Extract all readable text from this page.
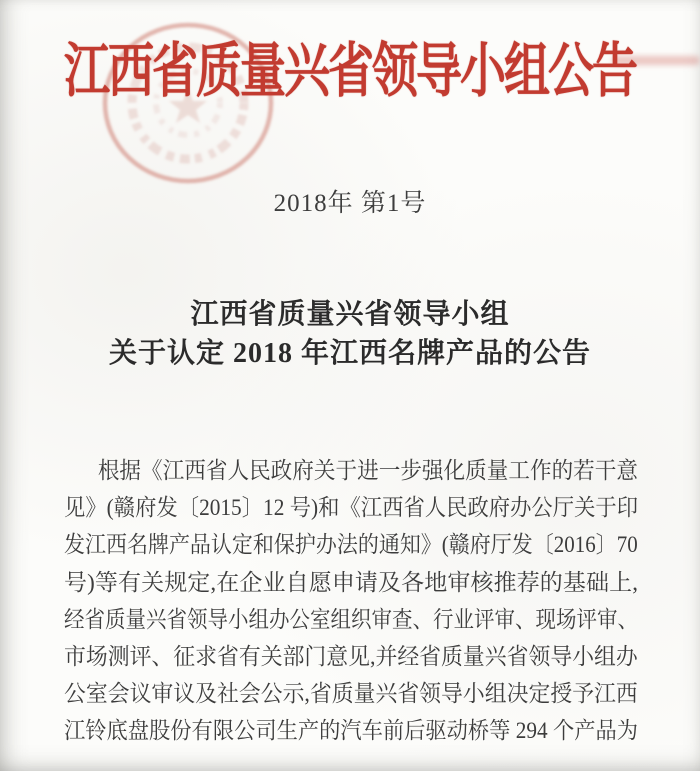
江西省质量兴省领导小组公告
2018年 第1号
江西省质量兴省领导小组
关于认定 2018 年江西名牌产品的公告
根据《江西省人民政府关于进一步强化质量工作的若干意
见》(赣府发〔2015〕12 号)和《江西省人民政府办公厅关于印
发江西名牌产品认定和保护办法的通知》(赣府厅发〔2016〕70
号)等有关规定,在企业自愿申请及各地审核推荐的基础上,
经省质量兴省领导小组办公室组织审查、行业评审、现场评审、
市场测评、征求省有关部门意见,并经省质量兴省领导小组办
公室会议审议及社会公示,省质量兴省领导小组决定授予江西
江铃底盘股份有限公司生产的汽车前后驱动桥等 294 个产品为
